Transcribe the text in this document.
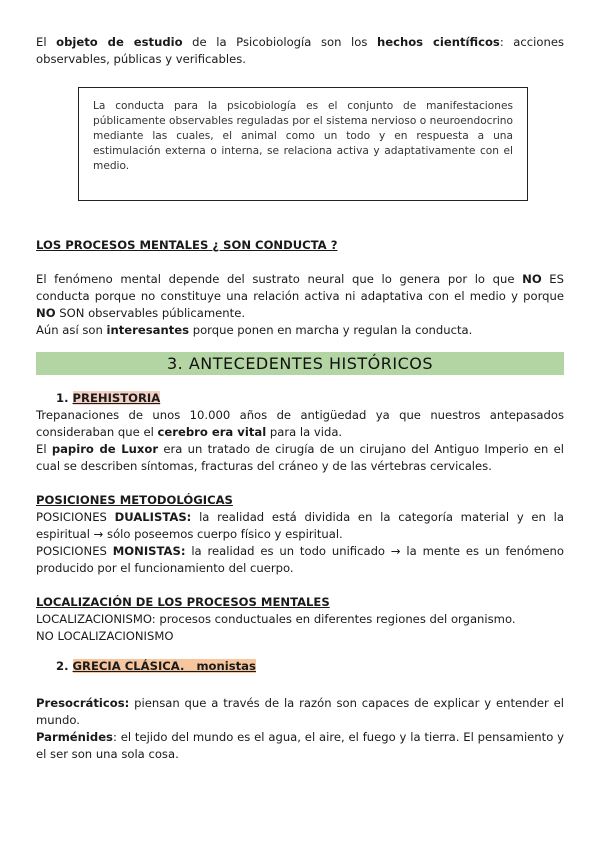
El objeto de estudio de la Psicobiología son los hechos científicos: acciones observables, públicas y verificables.

La conducta para la psicobiología es el conjunto de manifestaciones públicamente observables reguladas por el sistema nervioso o neuroendocrino mediante las cuales, el animal como un todo y en respuesta a una estimulación externa o interna, se relaciona activa y adaptativamente con el medio.

LOS PROCESOS MENTALES ¿ SON CONDUCTA ?

El fenómeno mental depende del sustrato neural que lo genera por lo que NO ES conducta porque no constituye una relación activa ni adaptativa con el medio y porque NO SON observables públicamente.

Aún así son interesantes porque ponen en marcha y regulan la conducta.

3. ANTECEDENTES HISTÓRICOS

1. PREHISTORIA

Trepanaciones de unos 10.000 años de antigüedad ya que nuestros antepasados consideraban que el cerebro era vital para la vida.

El papiro de Luxor era un tratado de cirugía de un cirujano del Antiguo Imperio en el cual se describen síntomas, fracturas del cráneo y de las vértebras cervicales.

POSICIONES METODOLÓGICAS

POSICIONES DUALISTAS: la realidad está dividida en la categoría material y en la espiritual → sólo poseemos cuerpo físico y espiritual.

POSICIONES MONISTAS: la realidad es un todo unificado → la mente es un fenómeno producido por el funcionamiento del cuerpo.

LOCALIZACIÓN DE LOS PROCESOS MENTALES

LOCALIZACIONISMO: procesos conductuales en diferentes regiones del organismo.

NO LOCALIZACIONISMO

2. GRECIA CLÁSICA.   monistas

Presocráticos: piensan que a través de la razón son capaces de explicar y entender el mundo.

Parménides: el tejido del mundo es el agua, el aire, el fuego y la tierra. El pensamiento y el ser son una sola cosa.
